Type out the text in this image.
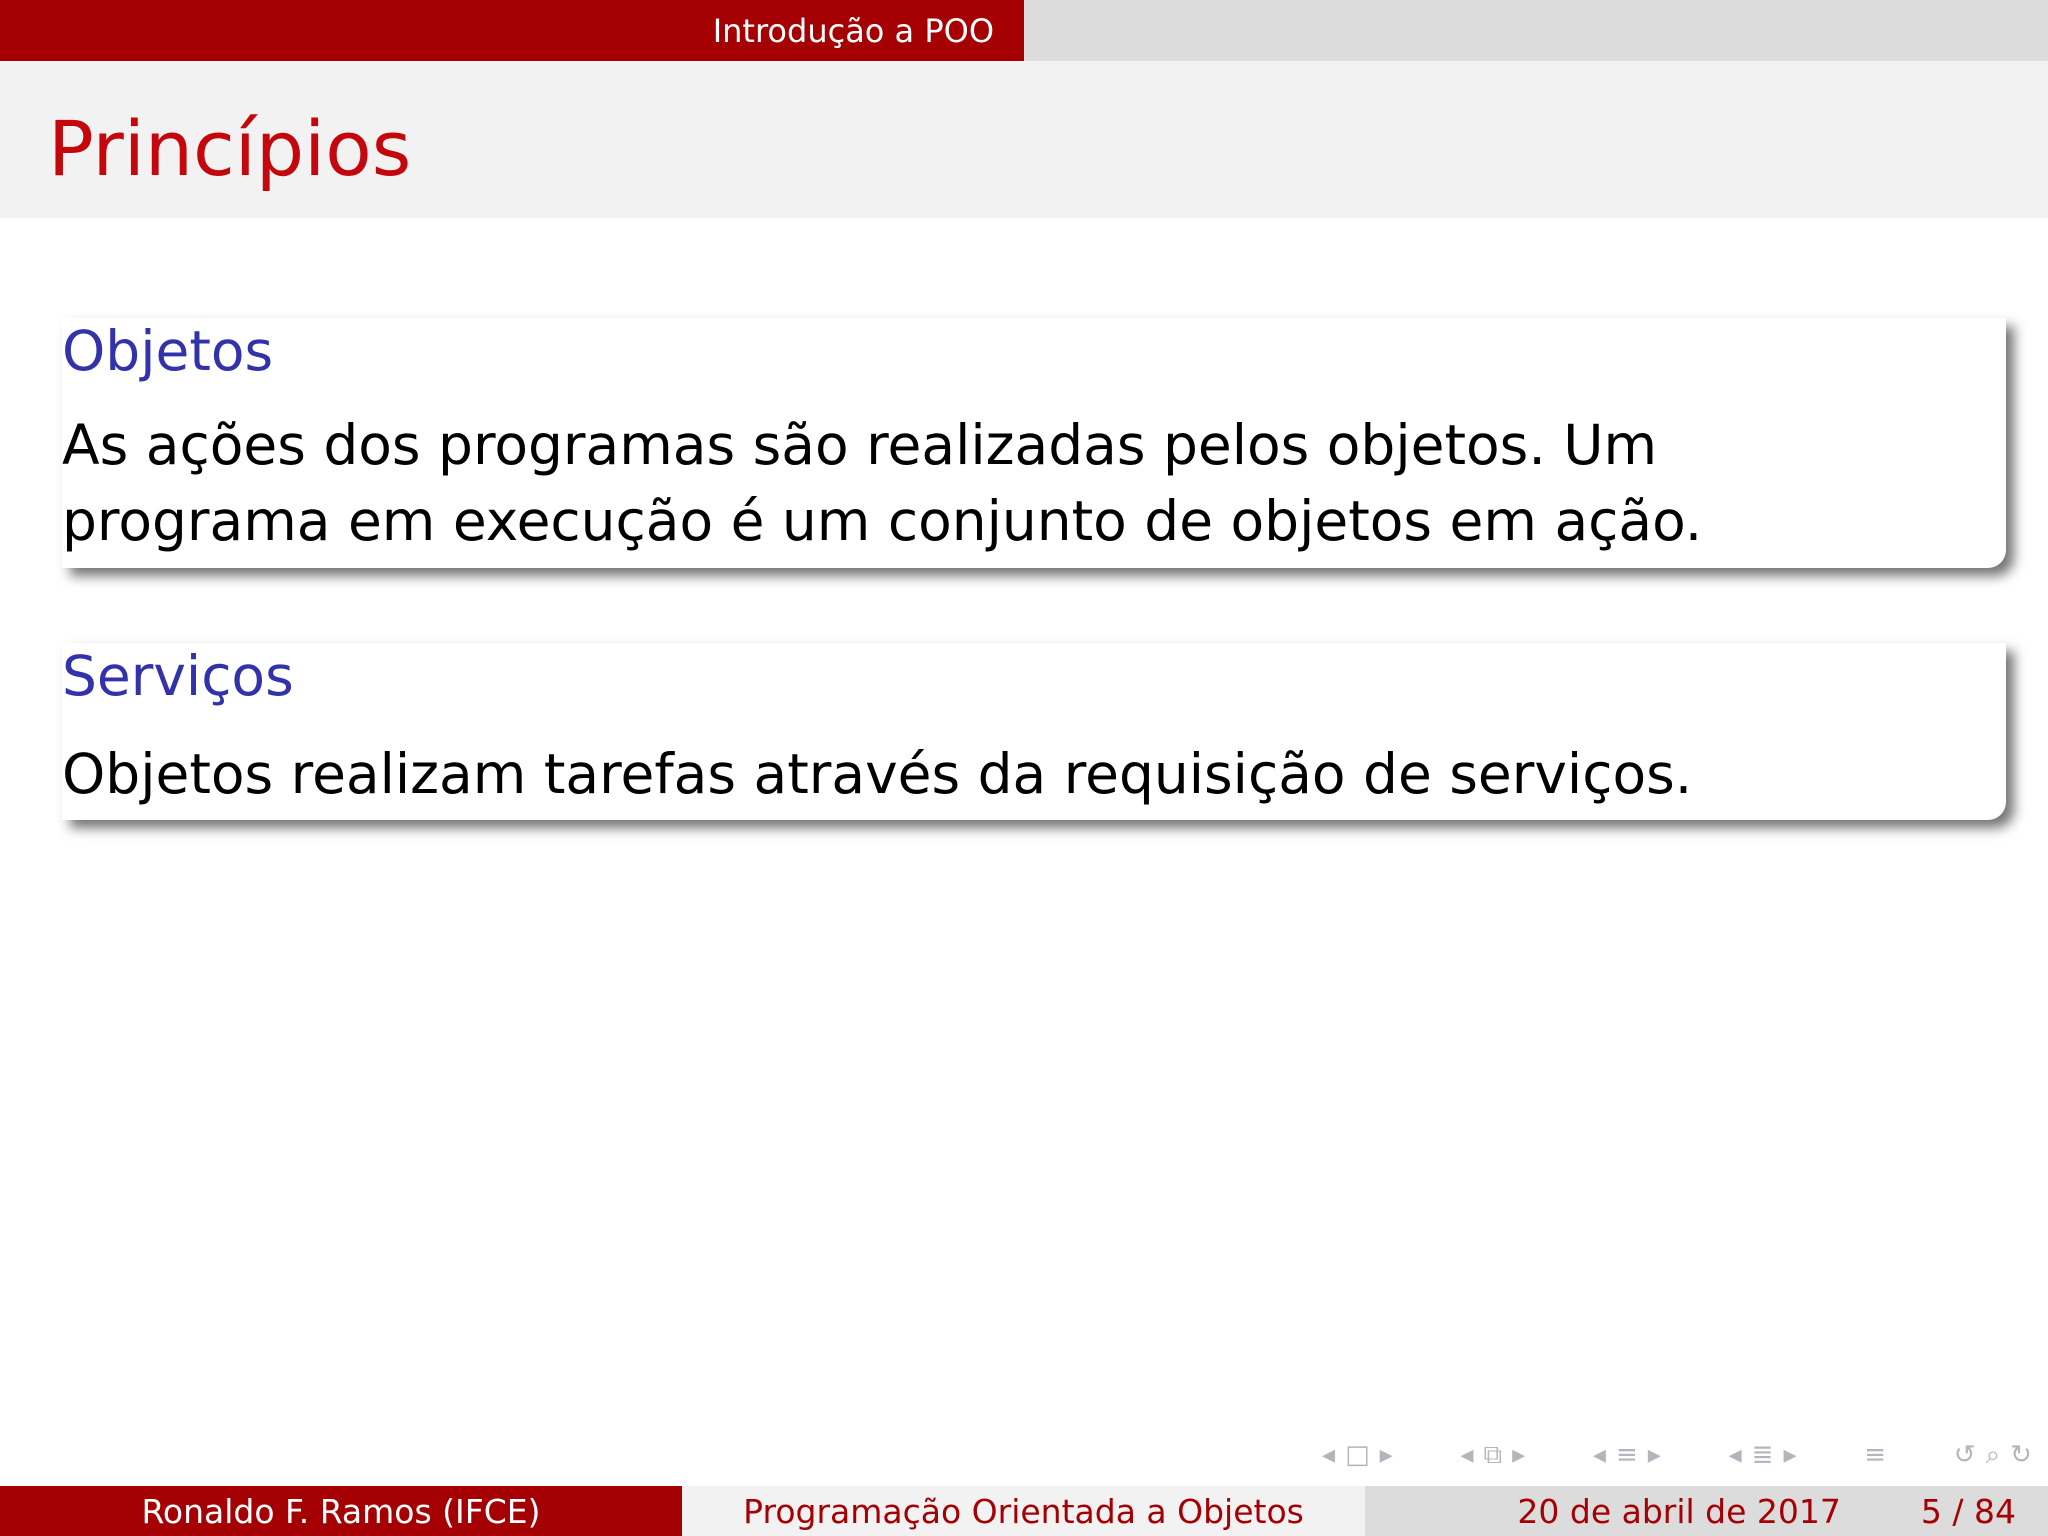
Introdução a POO
Princípios
Objetos

As ações dos programas são realizadas pelos objetos. Um programa em execução é um conjunto de objetos em ação.

Serviços

Objetos realizam tarefas através da requisição de serviços.

◂ □ ▸	◂ ⧉ ▸	◂ ≡ ▸	◂ ≣ ▸	≡	↺ ⌕ ↻
Ronaldo F. Ramos (IFCE)	Programação Orientada a Objetos	20 de abril de 2017 5 / 84
